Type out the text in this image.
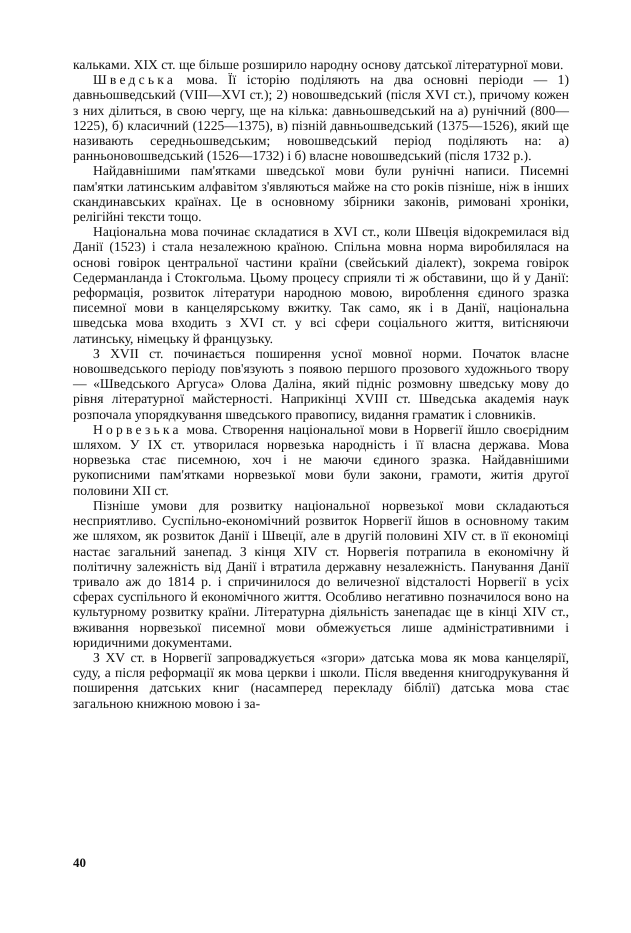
кальками. XIX ст. ще більше розширило народну основу датської літературної мови.

Шведська мова. Її історію поділяють на два основні періоди — 1) давньошведський (VIII—XVI ст.); 2) новошведський (після XVI ст.), причому кожен з них ділиться, в свою чергу, ще на кілька: давньошведський на а) рунічний (800—1225), б) класичний (1225—1375), в) пізній давньошведський (1375—1526), який ще називають середньошведським; новошведський період поділяють на: а) ранньоновошведський (1526—1732) і б) власне новошведський (після 1732 р.).

Найдавнішими пам'ятками шведської мови були рунічні написи. Писемні пам'ятки латинським алфавітом з'являються майже на сто років пізніше, ніж в інших скандинавських країнах. Це в основному збірники законів, римовані хроніки, релігійні тексти тощо.

Національна мова починає складатися в XVI ст., коли Швеція відокремилася від Данії (1523) і стала незалежною країною. Спільна мовна норма виробилялася на основі говірок центральної частини країни (свейський діалект), зокрема говірок Седерманланда і Стокгольма. Цьому процесу сприяли ті ж обставини, що й у Данії: реформація, розвиток літератури народною мовою, вироблення єдиного зразка писемної мови в канцелярському вжитку. Так само, як і в Данії, національна шведська мова входить з XVI ст. у всі сфери соціального життя, витісняючи латинську, німецьку й французьку.

З XVII ст. починається поширення усної мовної норми. Початок власне новошведського періоду пов'язують з появою першого прозового художнього твору — «Шведського Аргуса» Олова Даліна, який підніс розмовну шведську мову до рівня літературної майстерності. Наприкінці XVIII ст. Шведська академія наук розпочала упорядкування шведського правопису, видання граматик і словників.

Норвезька мова. Створення національної мови в Норвегії йшло своєрідним шляхом. У IX ст. утворилася норвезька народність і її власна держава. Мова норвезька стає писемною, хоч і не маючи єдиного зразка. Найдавнішими рукописними пам'ятками норвезької мови були закони, грамоти, житія другої половини XII ст.

Пізніше умови для розвитку національної норвезької мови складаються несприятливо. Суспільно-економічний розвиток Норвегії йшов в основному таким же шляхом, як розвиток Данії і Швеції, але в другій половині XIV ст. в її економіці настає загальний занепад. З кінця XIV ст. Норвегія потрапила в економічну й політичну залежність від Данії і втратила державну незалежність. Панування Данії тривало аж до 1814 р. і спричинилося до величезної відсталості Норвегії в усіх сферах суспільного й економічного життя. Особливо негативно позначилося воно на культурному розвитку країни. Літературна діяльність занепадає ще в кінці XIV ст., вживання норвезької писемної мови обмежується лише адміністративними і юридичними документами.

З XV ст. в Норвегії запроваджується «згори» датська мова як мова канцелярії, суду, а після реформації як мова церкви і школи. Після введення книгодрукування й поширення датських книг (насамперед перекладу біблії) датська мова стає загальною книжною мовою і за-

40
